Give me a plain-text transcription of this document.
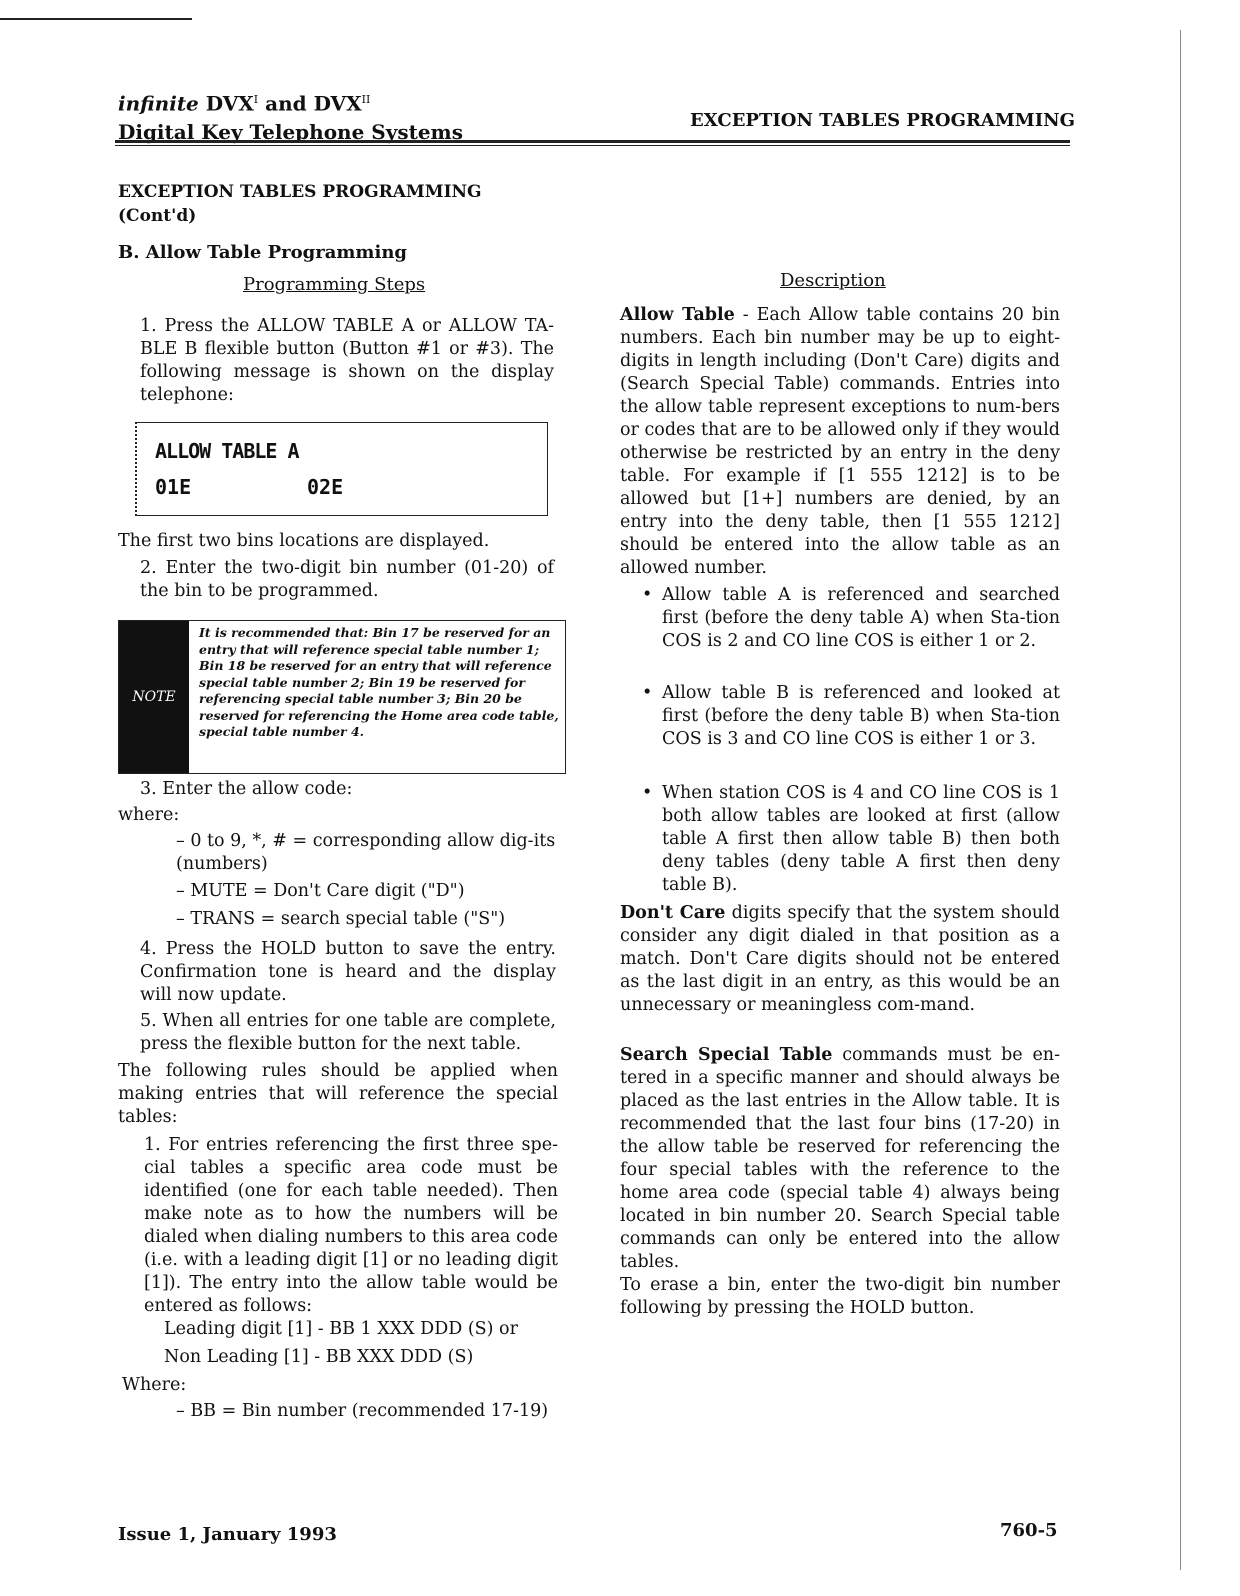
infinite $DVX^I$ and $DVX^{II}$
Digital Key Telephone Systems	EXCEPTION TABLES PROGRAMMING
EXCEPTION TABLES PROGRAMMING
(Cont'd)
B. Allow Table Programming
Programming Steps
1. Press the ALLOW TABLE A or ALLOW TA-BLE B flexible button (Button #1 or #3). The following message is shown on the display telephone:
ALLOW TABLE A
01E	02E
The first two bins locations are displayed.
2. Enter the two-digit bin number (01-20) of the bin to be programmed.
NOTE
It is recommended that: Bin 17 be reserved for an entry that will reference special table number 1; Bin 18 be reserved for an entry that will reference special table number 2; Bin 19 be reserved for referencing special table number 3; Bin 20 be reserved for referencing the Home area code table, special table number 4.
3. Enter the allow code:
where:
– 0 to 9, *, # = corresponding allow dig-its (numbers)
– MUTE = Don't Care digit ("D")
– TRANS = search special table ("S")
4. Press the HOLD button to save the entry. Confirmation tone is heard and the display will now update.
5. When all entries for one table are complete, press the flexible button for the next table.
The following rules should be applied when making entries that will reference the special tables:
1. For entries referencing the first three spe-cial tables a specific area code must be identified (one for each table needed). Then make note as to how the numbers will be dialed when dialing numbers to this area code (i.e. with a leading digit [1] or no leading digit [1]). The entry into the allow table would be entered as follows:
Leading digit [1] - BB 1 XXX DDD (S) or
Non Leading [1] - BB XXX DDD (S)
Where:
– BB = Bin number (recommended 17-19)
Description
Allow Table - Each Allow table contains 20 bin numbers. Each bin number may be up to eight-digits in length including (Don't Care) digits and (Search Special Table) commands. Entries into the allow table represent exceptions to num-bers or codes that are to be allowed only if they would otherwise be restricted by an entry in the deny table. For example if [1 555 1212] is to be allowed but [1+] numbers are denied, by an entry into the deny table, then [1 555 1212] should be entered into the allow table as an allowed number.
• Allow table A is referenced and searched first (before the deny table A) when Sta-tion COS is 2 and CO line COS is either 1 or 2.
• Allow table B is referenced and looked at first (before the deny table B) when Sta-tion COS is 3 and CO line COS is either 1 or 3.
• When station COS is 4 and CO line COS is 1 both allow tables are looked at first (allow table A first then allow table B) then both deny tables (deny table A first then deny table B).
Don't Care digits specify that the system should consider any digit dialed in that position as a match. Don't Care digits should not be entered as the last digit in an entry, as this would be an unnecessary or meaningless com-mand.
Search Special Table commands must be en-tered in a specific manner and should always be placed as the last entries in the Allow table. It is recommended that the last four bins (17-20) in the allow table be reserved for referencing the four special tables with the reference to the home area code (special table 4) always being located in bin number 20. Search Special table commands can only be entered into the allow tables.
To erase a bin, enter the two-digit bin number following by pressing the HOLD button.
Issue 1, January 1993	760-5
